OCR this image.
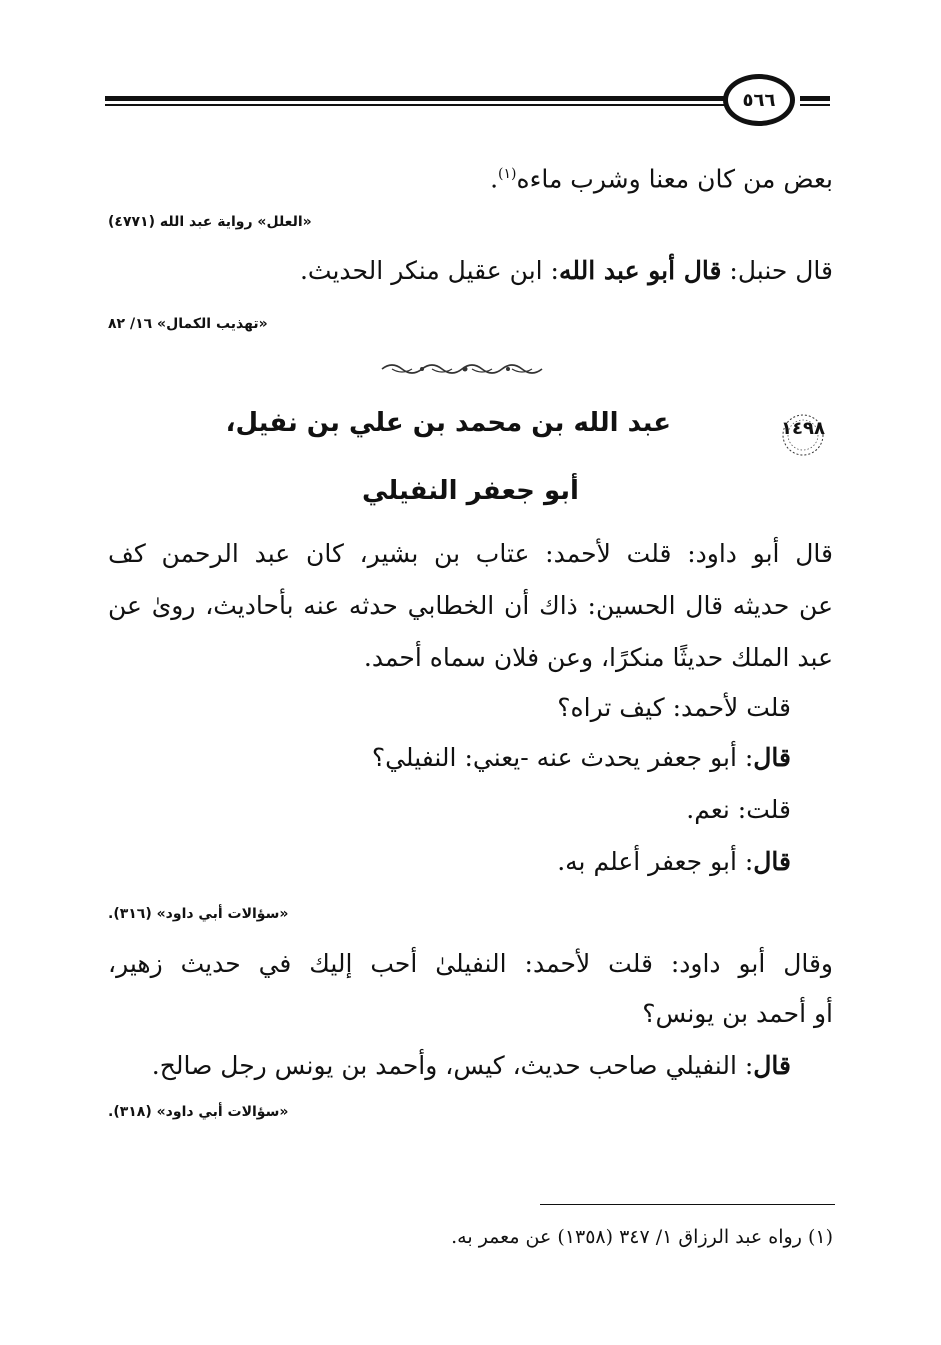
٥٦٦
بعض من كان معنا وشرب ماءه$^{(١)}$.
«العلل» رواية عبد الله (٤٧٧١)
قال حنبل: قال أبو عبد الله: ابن عقيل منكر الحديث.
«تهذيب الكمال» ١٦/ ٨٢
١٤٩٨
عبد الله بن محمد بن علي بن نفيل،
أبو جعفر النفيلي
قال أبو داود: قلت لأحمد: عتاب بن بشير، كان عبد الرحمن كف
عن حديثه قال الحسين: ذاك أن الخطابي حدثه عنه بأحاديث، روىٰ عن
عبد الملك حديثًا منكرًا، وعن فلان سماه أحمد.
قلت لأحمد: كيف تراه؟
قال: أبو جعفر يحدث عنه -يعني: النفيلي؟
قلت: نعم.
قال: أبو جعفر أعلم به.
«سؤالات أبي داود» (٣١٦).
وقال أبو داود: قلت لأحمد: النفيلىٰ أحب إليك في حديث زهير،
أو أحمد بن يونس؟
قال: النفيلي صاحب حديث، كيس، وأحمد بن يونس رجل صالح.
«سؤالات أبي داود» (٣١٨).
(١) رواه عبد الرزاق ١/ ٣٤٧ (١٣٥٨) عن معمر به.
